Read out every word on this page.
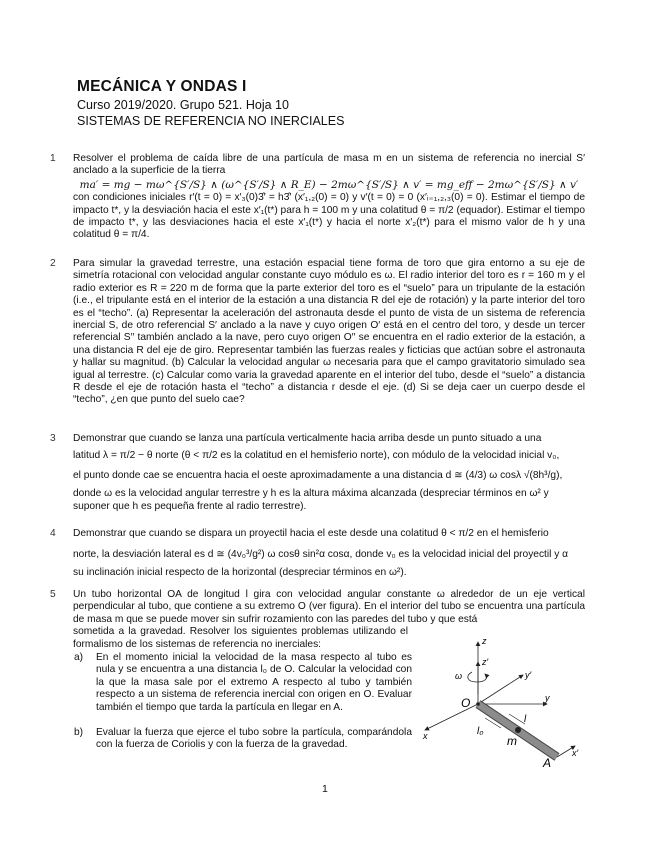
MECÁNICA Y ONDAS I
Curso 2019/2020. Grupo 521. Hoja 10
SISTEMAS DE REFERENCIA NO INERCIALES
1	Resolver el problema de caída libre de una partícula de masa m en un sistema de referencia no inercial S′ anclado a la superficie de la tierra

ma′ = mg − mω^{S′/S} ∧ (ω^{S′/S} ∧ R_E) − 2mω^{S′/S} ∧ v′ = mg_eff − 2mω^{S′/S} ∧ v′

con condiciones iniciales r′(t = 0) = x′₃(0)3̂′ = h3̂′ (x′₁,₂(0) = 0) y v′(t = 0) = 0 (x′ᵢ₌₁,₂,₃(0) = 0). Estimar el tiempo de impacto t*, y la desviación hacia el este x′₁(t*) para h = 100 m y una colatitud θ = π/2 (equador). Estimar el tiempo de impacto t*, y las desviaciones hacia el este x′₁(t*) y hacia el norte x′₂(t*) para el mismo valor de h y una colatitud θ = π/4.

2	Para simular la gravedad terrestre, una estación espacial tiene forma de toro que gira entorno a su eje de simetría rotacional con velocidad angular constante cuyo módulo es ω. El radio interior del toro es r = 160 m y el radio exterior es R = 220 m de forma que la parte exterior del toro es el “suelo” para un tripulante de la estación (i.e., el tripulante está en el interior de la estación a una distancia R del eje de rotación) y la parte interior del toro es el “techo”. (a) Representar la aceleración del astronauta desde el punto de vista de un sistema de referencia inercial S, de otro referencial S′ anclado a la nave y cuyo origen O′ está en el centro del toro, y desde un tercer referencial S′′ también anclado a la nave, pero cuyo origen O′′ se encuentra en el radio exterior de la estación, a una distancia R del eje de giro. Representar también las fuerzas reales y ficticias que actúan sobre el astronauta y hallar su magnitud. (b) Calcular la velocidad angular ω necesaria para que el campo gravitatorio simulado sea igual al terrestre. (c) Calcular como varia la gravedad aparente en el interior del tubo, desde el “suelo” a distancia R desde el eje de rotación hasta el “techo” a distancia r desde el eje. (d) Si se deja caer un cuerpo desde el “techo”, ¿en que punto del suelo cae?

3	Demonstrar que cuando se lanza una partícula verticalmente hacia arriba desde un punto situado a una

latitud λ = π/2 − θ norte (θ < π/2 es la colatitud en el hemisferio norte), con módulo de la velocidad inicial v₀,

el punto donde cae se encuentra hacia el oeste aproximadamente a una distancia d ≅ (4/3) ω cosλ √(8h³/g),

donde ω es la velocidad angular terrestre y h es la altura máxima alcanzada (despreciar términos en ω² y

suponer que h es pequeña frente al radio terrestre).

4	Demonstrar que cuando se dispara un proyectil hacia el este desde una colatitud θ < π/2 en el hemisferio

norte, la desviación lateral es d ≅ (4v₀³/g²) ω cosθ sin²α cosα, donde v₀ es la velocidad inicial del proyectil y α

su inclinación inicial respecto de la horizontal (despreciar términos en ω²).

5	Un tubo horizontal OA de longitud l gira con velocidad angular constante ω alrededor de un eje vertical perpendicular al tubo, que contiene a su extremo O (ver figura). En el interior del tubo se encuentra una partícula de masa m que se puede mover sin sufrir rozamiento con las paredes del tubo y que está

sometida a la gravedad. Resolver los siguientes problemas utilizando el formalismo de los sistemas de referencia no inerciales:

a) En el momento inicial la velocidad de la masa respecto al tubo es nula y se encuentra a una distancia l₀ de O. Calcular la velocidad con la que la masa sale por el extremo A respecto al tubo y también respecto a un sistema de referencia inercial con origen en O. Evaluar también el tiempo que tarda la partícula en llegar en A.
b) Evaluar la fuerza que ejerce el tubo sobre la partícula, comparándola con la fuerza de Coriolis y con la fuerza de la gravedad.
z
z′
ω	y′
y
O
x	l₀
l
m
A
x′
1
